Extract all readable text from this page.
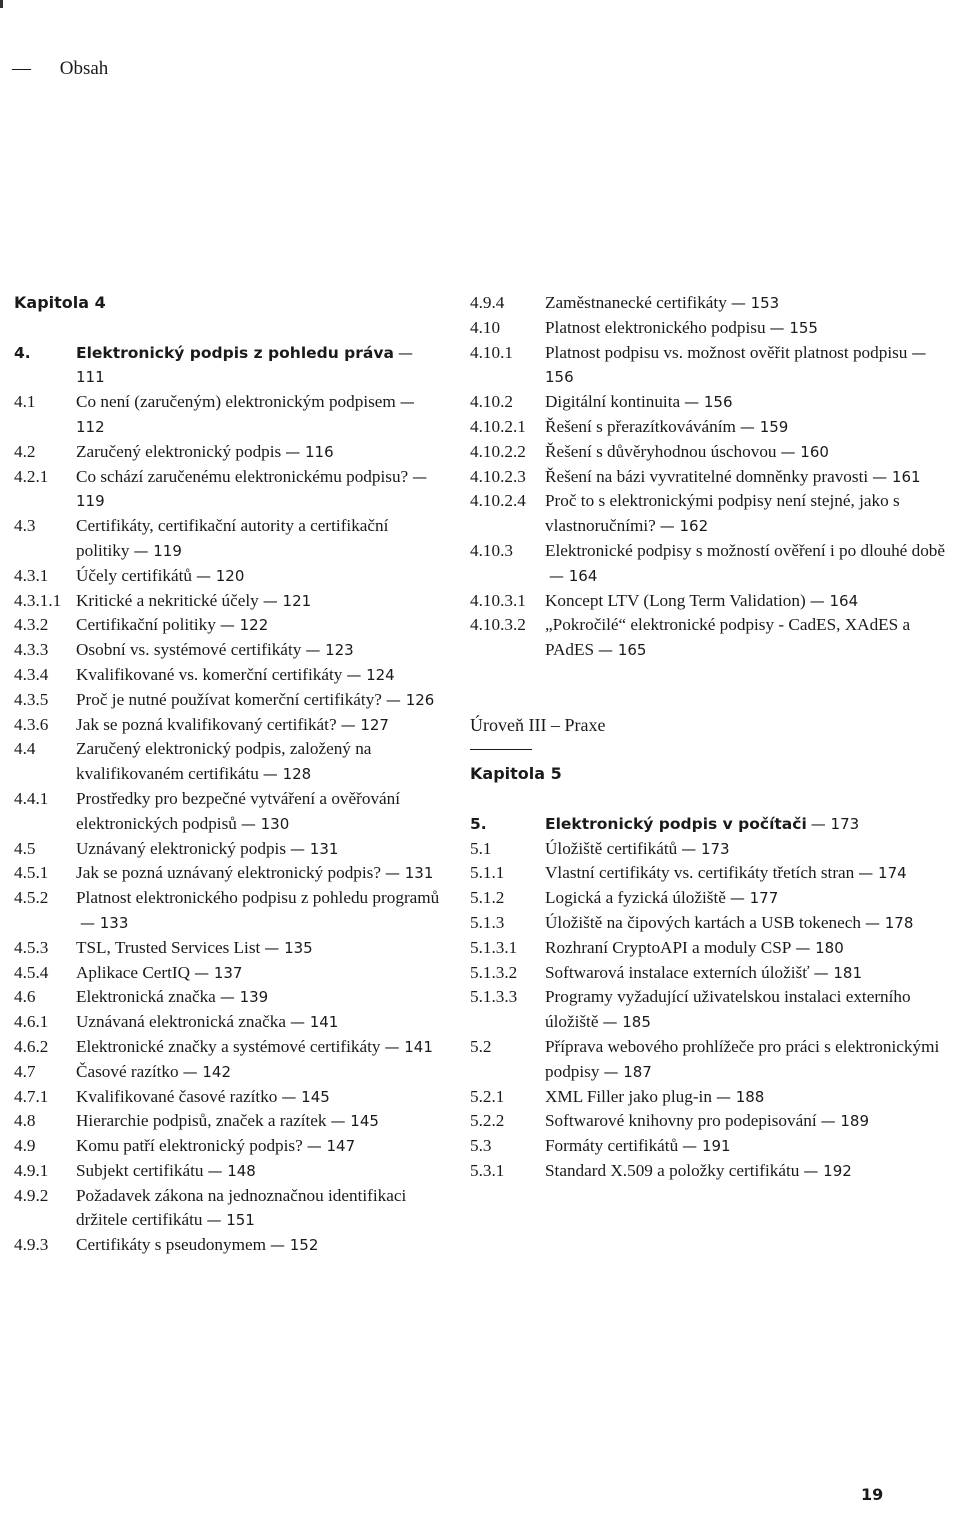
— Obsah
Kapitola 4
4.	Elektronický podpis z pohledu práva — 111
4.1	Co není (zaručeným) elektronickým podpisem — 112
4.2	Zaručený elektronický podpis — 116
4.2.1	Co schází zaručenému elektronickému podpisu? — 119
4.3	Certifikáty, certifikační autority a certifikační politiky — 119
4.3.1	Účely certifikátů — 120
4.3.1.1 Kritické a nekritické účely — 121
4.3.2	Certifikační politiky — 122
4.3.3	Osobní vs. systémové certifikáty — 123
4.3.4	Kvalifikované vs. komerční certifikáty — 124
4.3.5	Proč je nutné používat komerční certifikáty? — 126
4.3.6	Jak se pozná kvalifikovaný certifikát? — 127
4.4	Zaručený elektronický podpis, založený na kvalifikovaném certifikátu — 128
4.4.1	Prostředky pro bezpečné vytváření a ověřování elektronických podpisů — 130
4.5	Uznávaný elektronický podpis — 131
4.5.1	Jak se pozná uznávaný elektronický podpis? — 131
4.5.2	Platnost elektronického podpisu z pohledu programů— 133
4.5.3	TSL, Trusted Services List — 135
4.5.4	Aplikace CertIQ — 137
4.6	Elektronická značka — 139
4.6.1	Uznávaná elektronická značka — 141
4.6.2	Elektronické značky a systémové certifikáty — 141
4.7	Časové razítko — 142
4.7.1	Kvalifikované časové razítko — 145
4.8	Hierarchie podpisů, značek a razítek — 145
4.9	Komu patří elektronický podpis? — 147
4.9.1	Subjekt certifikátu — 148
4.9.2	Požadavek zákona na jednoznačnou identifikaci držitele certifikátu — 151
4.9.3	Certifikáty s pseudonymem — 152
4.9.4	Zaměstnanecké certifikáty — 153
4.10	Platnost elektronického podpisu — 155
4.10.1	Platnost podpisu vs. možnost ověřit platnost podpisu — 156
4.10.2	Digitální kontinuita — 156
4.10.2.1	Řešení s přerazítkováváním — 159
4.10.2.2	Řešení s důvěryhodnou úschovou — 160
4.10.2.3	Řešení na bázi vyvratitelné domněnky pravosti — 161
4.10.2.4	Proč to s elektronickými podpisy není stejné, jako s vlastnoručními? — 162
4.10.3	Elektronické podpisy s možností ověření i po dlouhé době— 164
4.10.3.1	Koncept LTV (Long Term Validation) — 164
4.10.3.2	„Pokročilé“ elektronické podpisy - CadES, XAdES a PAdES — 165
Úroveň III – Praxe
Kapitola 5
5.	Elektronický podpis v počítači — 173
5.1	Úložiště certifikátů — 173
5.1.1	Vlastní certifikáty vs. certifikáty třetích stran — 174
5.1.2	Logická a fyzická úložiště — 177
5.1.3	Úložiště na čipových kartách a USB tokenech — 178
5.1.3.1	Rozhraní CryptoAPI a moduly CSP — 180
5.1.3.2	Softwarová instalace externích úložišť — 181
5.1.3.3	Programy vyžadující uživatelskou instalaci externího úložiště — 185
5.2	Příprava webového prohlížeče pro práci s elektronickými podpisy — 187
5.2.1	XML Filler jako plug-in — 188
5.2.2	Softwarové knihovny pro podepisování — 189
5.3	Formáty certifikátů — 191
5.3.1	Standard X.509 a položky certifikátu — 192
19
